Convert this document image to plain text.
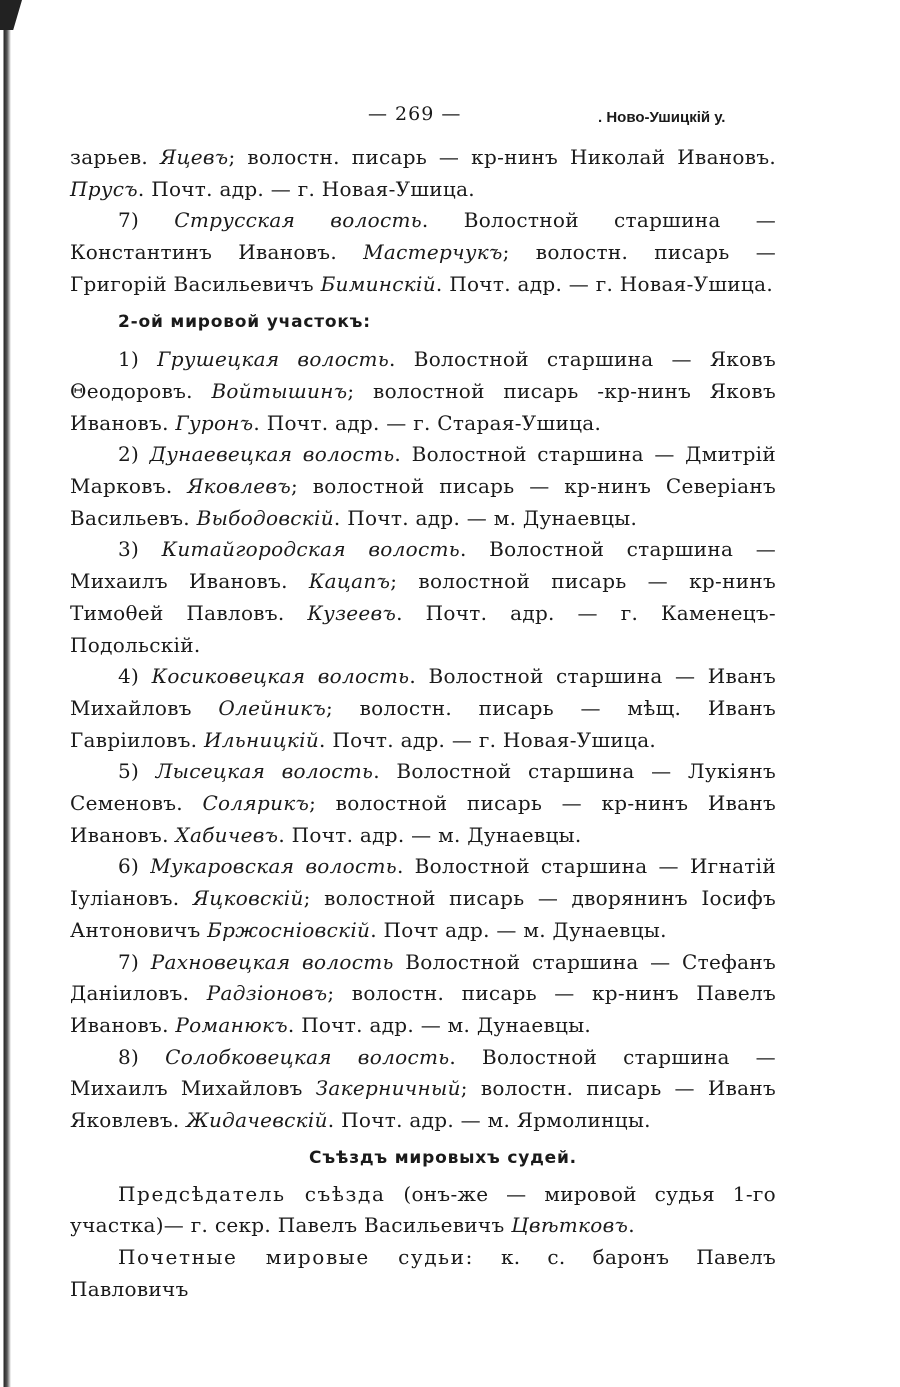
— 269 —	. Ново-Ушицкій у.

зарьев. Яцевъ; волостн. писарь — кр-нинъ Николай Ивановъ. Прусъ. Почт. адр. — г. Новая-Ушица.

7) Струсская волость. Волостной старшина — Константинъ Ивановъ. Мастерчукъ; волостн. писарь — Григорій Васильевичъ Биминскій. Почт. адр. — г. Новая-Ушица.

2-ой мировой участокъ:

1) Грушецкая волость. Волостной старшина — Яковъ Θеодоровъ. Войтышинъ; волостной писарь -кр-нинъ Яковъ Ивановъ. Гуронъ. Почт. адр. — г. Старая-Ушица.

2) Дунаевецкая волость. Волостной старшина — Дмитрій Марковъ. Яковлевъ; волостной писарь — кр-нинъ Северіанъ Васильевъ. Выбодовскій. Почт. адр. — м. Дунаевцы.

3) Китайгородская волость. Волостной старшина — Михаилъ Ивановъ. Кацапъ; волостной писарь — кр-нинъ Тимоθей Павловъ. Кузеевъ. Почт. адр. — г. Каменецъ-Подольскій.

4) Косиковецкая волость. Волостной старшина — Иванъ Михайловъ Олейникъ; волостн. писарь — мѣщ. Иванъ Гавріиловъ. Ильницкій. Почт. адр. — г. Новая-Ушица.

5) Лысецкая волость. Волостной старшина — Лукіянъ Семеновъ. Солярикъ; волостной писарь — кр-нинъ Иванъ Ивановъ. Хабичевъ. Почт. адр. — м. Дунаевцы.

6) Мукаровская волость. Волостной старшина — Игнатій Іуліановъ. Яцковскій; волостной писарь — дворянинъ Іосифъ Антоновичъ Бржосніовскій. Почт адр. — м. Дунаевцы.

7) Рахновецкая волость Волостной старшина — Стефанъ Даніиловъ. Радзіоновъ; волостн. писарь — кр-нинъ Павелъ Ивановъ. Романюкъ. Почт. адр. — м. Дунаевцы.

8) Солобковецкая волость. Волостной старшина — Михаилъ Михайловъ Закерничный; волостн. писарь — Иванъ Яковлевъ. Жидачевскій. Почт. адр. — м. Ярмолинцы.

Съѣздъ мировыхъ судей.

Предсѣдатель съѣзда (онъ-же — мировой судья 1-го участка)— г. секр. Павелъ Васильевичъ Цвѣтковъ.

Почетные мировые судьи: к. с. баронъ Павелъ Павловичъ
